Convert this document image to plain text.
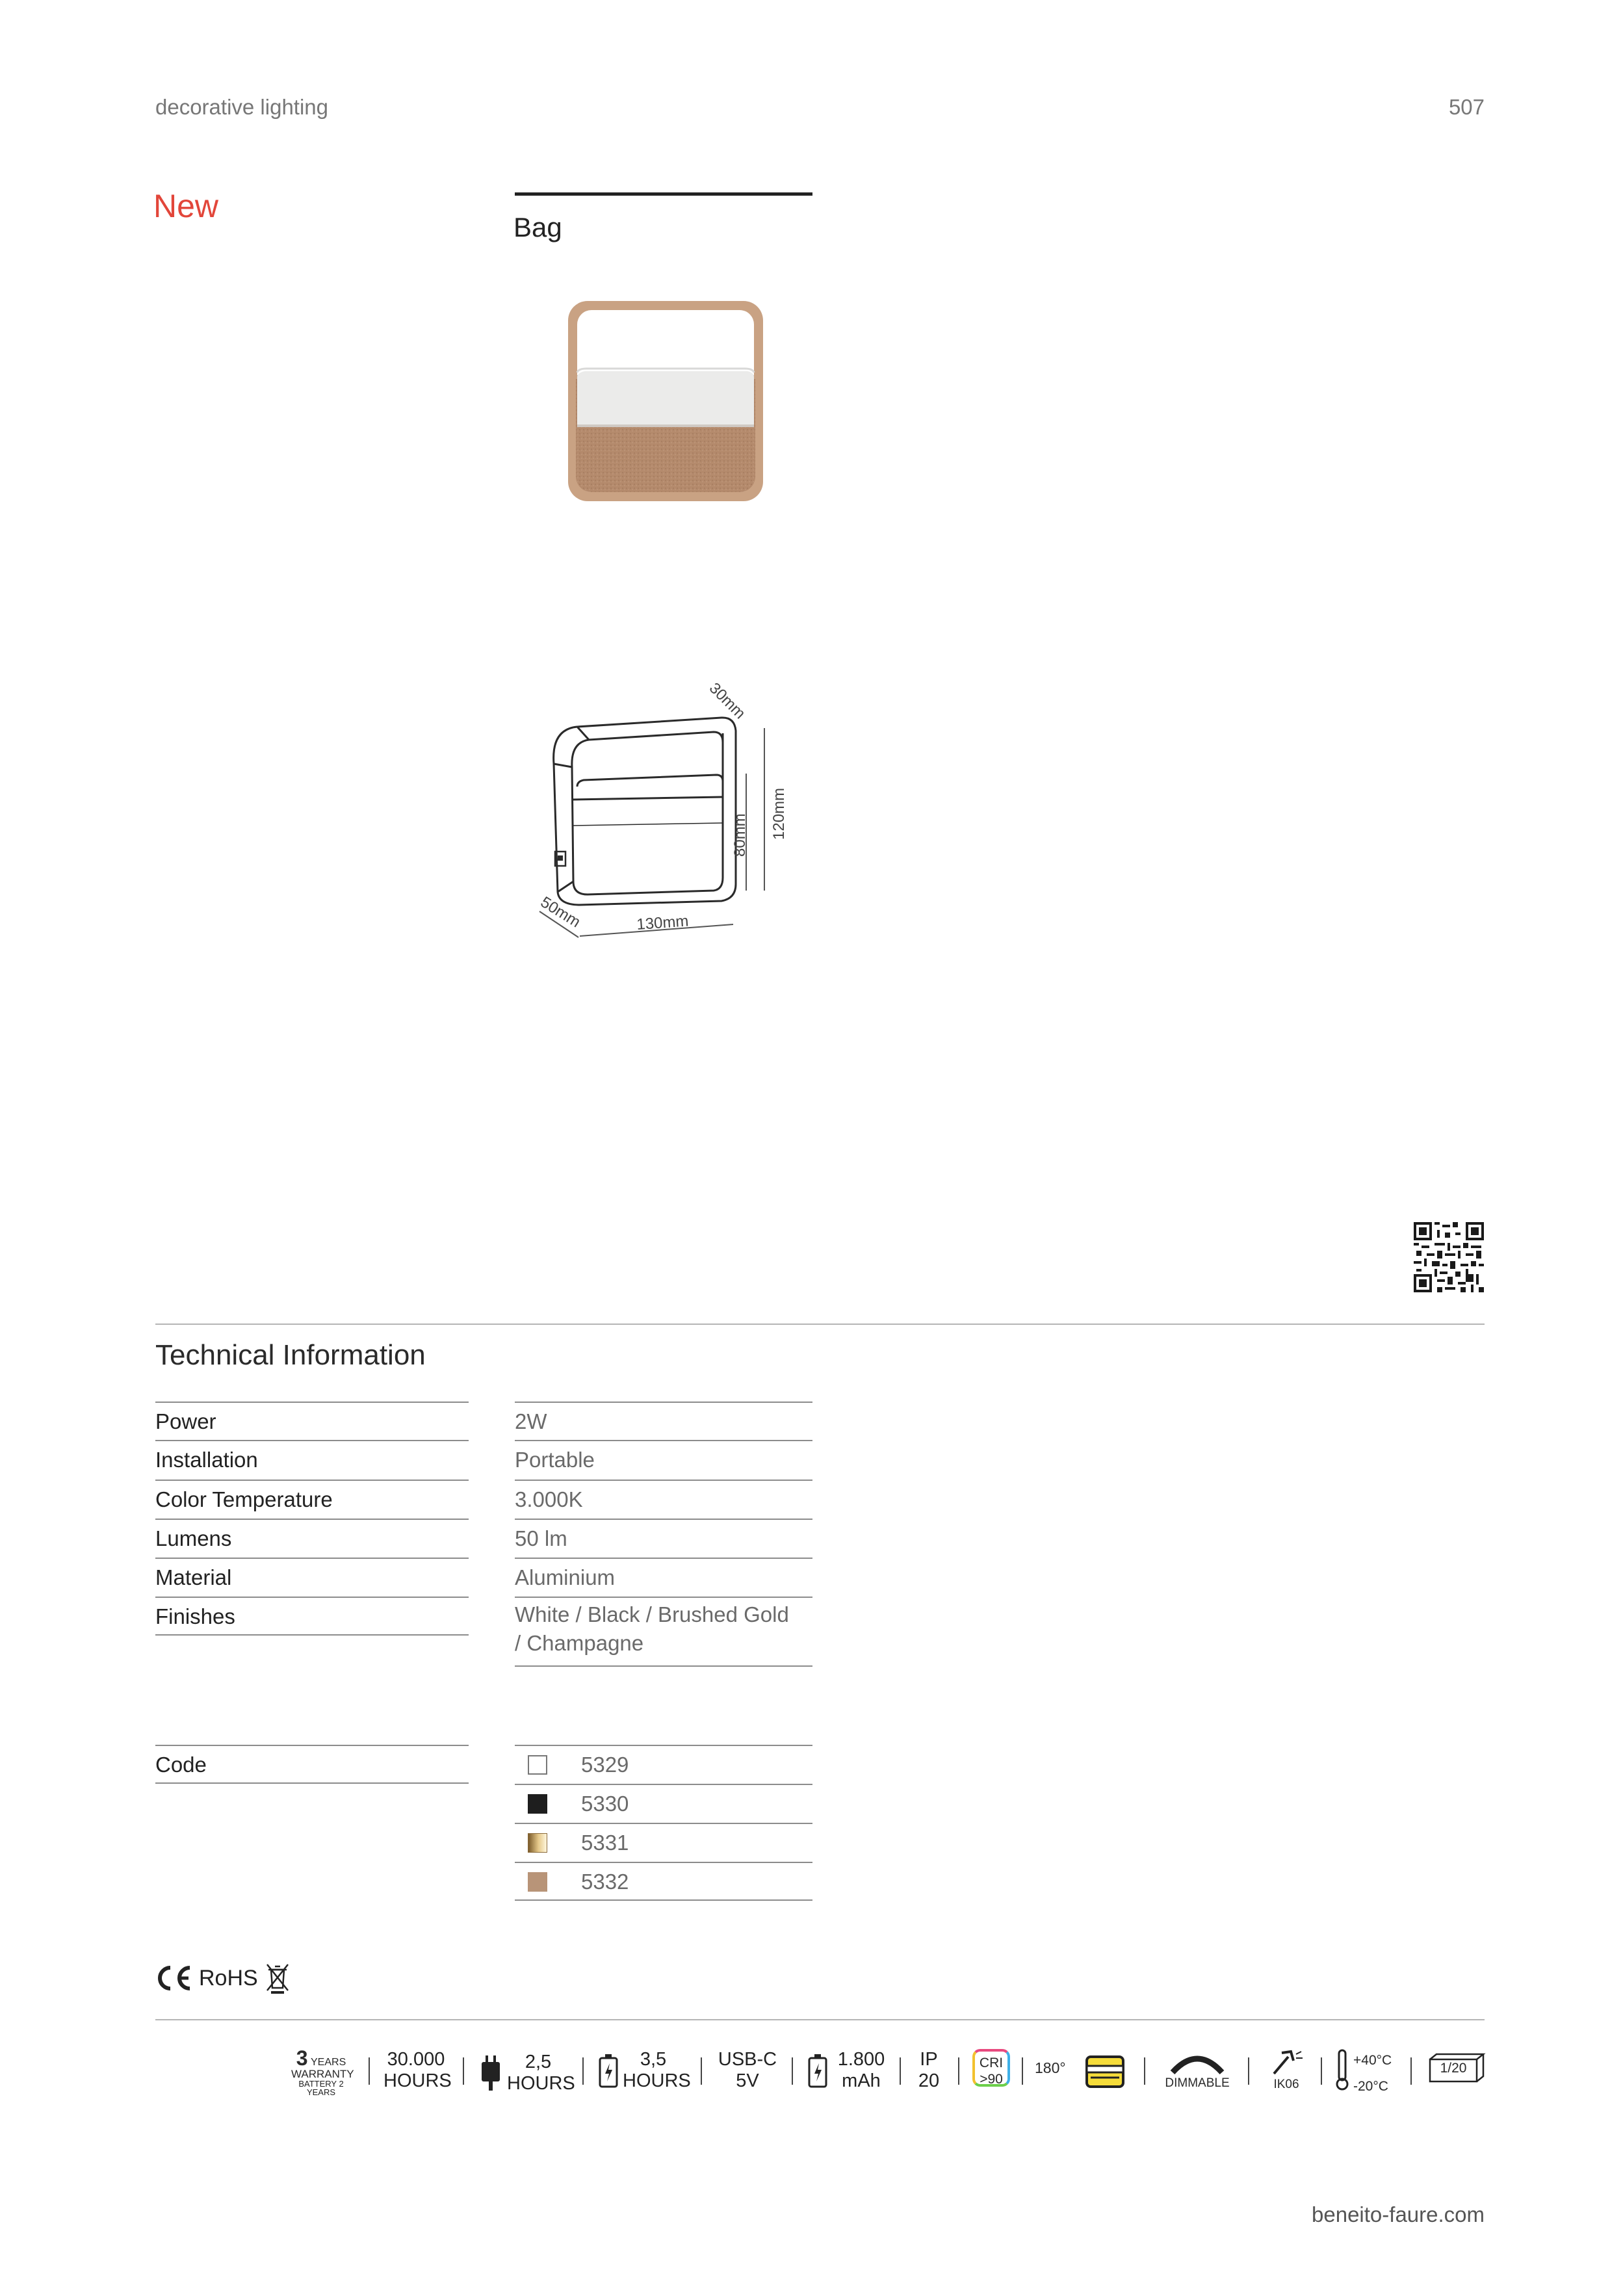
decorative lighting	507
New
Bag
30mm
80mm 120mm
50mm	130mm
Technical Information
Power	2W
Installation	Portable
Color Temperature	3.000K
Lumens	50 lm
Material	Aluminium
Finishes	White / Black / Brushed Gold
/ Champagne
Code	5329
5330
5331
5332
RoHS
3 YEARS
WARRANTY
BATTERY 2 YEARS
30.000
HOURS
2,5
HOURS
3,5
HOURS
USB-C
5V
1.800
mAh
IP
20
CRI
>90
180°
DIMMABLE	IK06
+40°C
-20°C
1/20
beneito-faure.com
